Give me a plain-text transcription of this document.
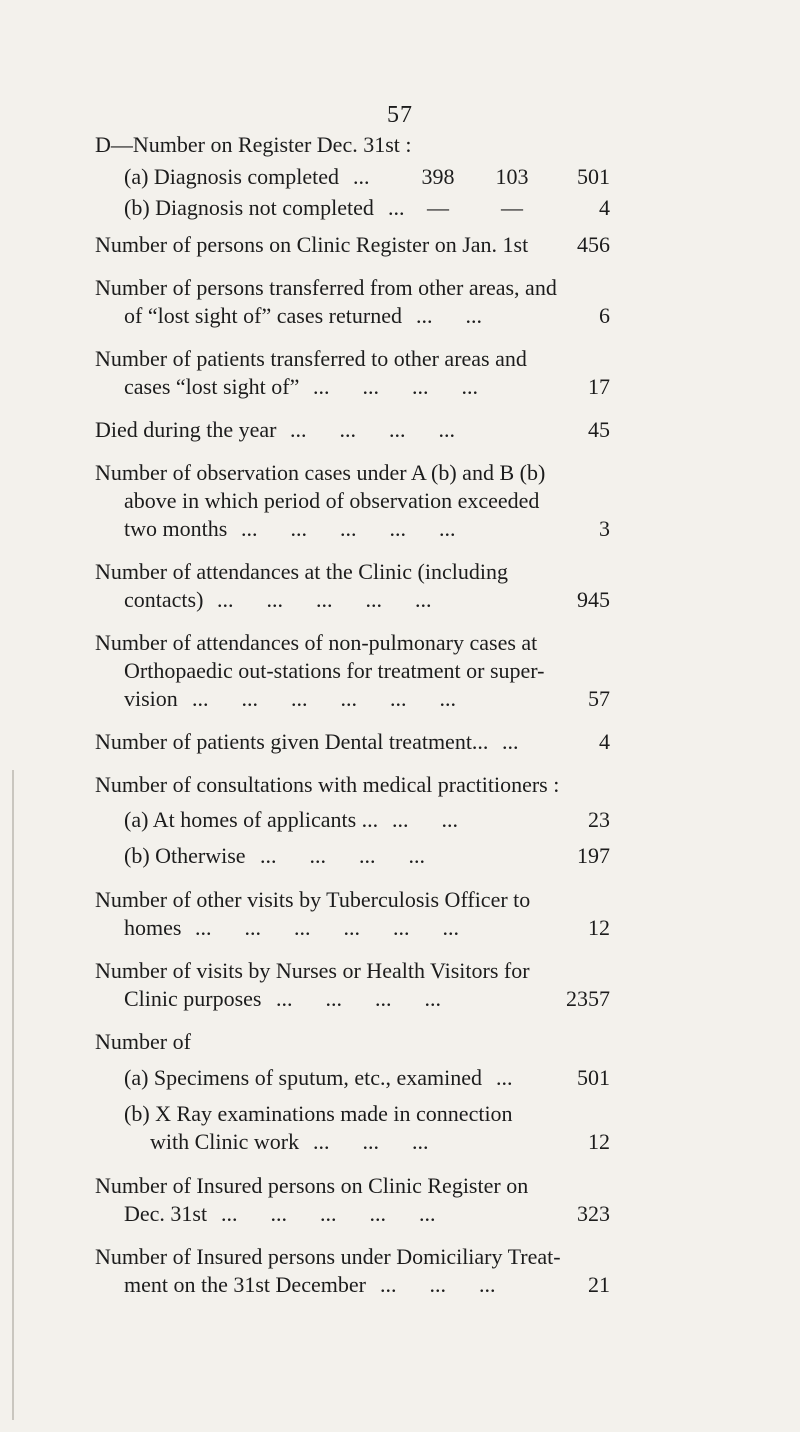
57
D—Number on Register Dec. 31st :
(a) Diagnosis completed ...	398	103	501
(b) Diagnosis not completed ...	—	—	4
Number of persons on Clinic Register on Jan. 1st	456
Number of persons transferred from other areas, and
of “lost sight of” cases returned ...      ...	6
Number of patients transferred to other areas and
cases “lost sight of” ...      ...      ...      ...	17
Died during the year ...      ...      ...      ...	45
Number of observation cases under A (b) and B (b)
above in which period of observation exceeded
two months ...      ...      ...      ...      ...	3
Number of attendances at the Clinic (including
contacts) ...      ...      ...      ...      ...	945
Number of attendances of non-pulmonary cases at
Orthopaedic out-stations for treatment or super-
vision ...      ...      ...      ...      ...      ...	57
Number of patients given Dental treatment... ...	4
Number of consultations with medical practitioners :
(a) At homes of applicants ... ...      ...	23
(b) Otherwise ...      ...      ...      ...	197
Number of other visits by Tuberculosis Officer to
homes ...      ...      ...      ...      ...      ...	12
Number of visits by Nurses or Health Visitors for
Clinic purposes ...      ...      ...      ...	2357
Number of
(a) Specimens of sputum, etc., examined ...	501
(b) X Ray examinations made in connection
with Clinic work ...      ...      ...	12
Number of Insured persons on Clinic Register on
Dec. 31st ...      ...      ...      ...      ...	323
Number of Insured persons under Domiciliary Treat-
ment on the 31st December ...      ...      ...	21
